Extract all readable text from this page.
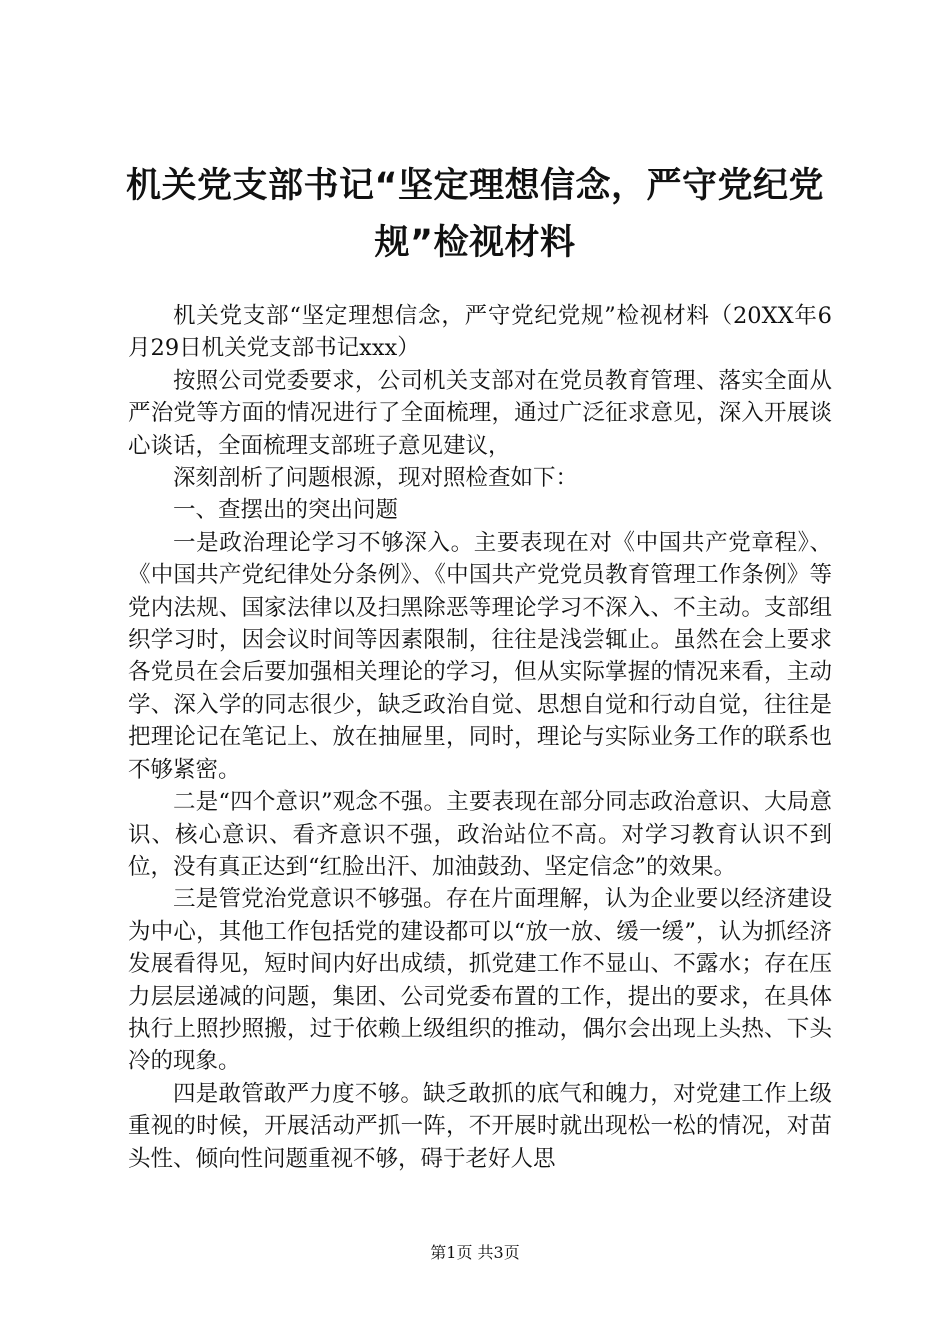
机关党支部书记“坚定理想信念，严守党纪党规”检视材料

机关党支部“坚定理想信念，严守党纪党规”检视材料（20XX年6月29日机关党支部书记xxx）

按照公司党委要求，公司机关支部对在党员教育管理、落实全面从严治党等方面的情况进行了全面梳理，通过广泛征求意见，深入开展谈心谈话，全面梳理支部班子意见建议，

深刻剖析了问题根源，现对照检查如下：

一、查摆出的突出问题

一是政治理论学习不够深入。主要表现在对《中国共产党章程》、《中国共产党纪律处分条例》、《中国共产党党员教育管理工作条例》等党内法规、国家法律以及扫黑除恶等理论学习不深入、不主动。支部组织学习时，因会议时间等因素限制，往往是浅尝辄止。虽然在会上要求各党员在会后要加强相关理论的学习，但从实际掌握的情况来看，主动学、深入学的同志很少，缺乏政治自觉、思想自觉和行动自觉，往往是把理论记在笔记上、放在抽屉里，同时，理论与实际业务工作的联系也不够紧密。

二是“四个意识”观念不强。主要表现在部分同志政治意识、大局意识、核心意识、看齐意识不强，政治站位不高。对学习教育认识不到位，没有真正达到“红脸出汗、加油鼓劲、坚定信念”的效果。

三是管党治党意识不够强。存在片面理解，认为企业要以经济建设为中心，其他工作包括党的建设都可以“放一放、缓一缓”，认为抓经济发展看得见，短时间内好出成绩，抓党建工作不显山、不露水；存在压力层层递减的问题，集团、公司党委布置的工作，提出的要求，在具体执行上照抄照搬，过于依赖上级组织的推动，偶尔会出现上头热、下头冷的现象。

四是敢管敢严力度不够。缺乏敢抓的底气和魄力，对党建工作上级重视的时候，开展活动严抓一阵，不开展时就出现松一松的情况，对苗头性、倾向性问题重视不够，碍于老好人思

第1页 共3页
